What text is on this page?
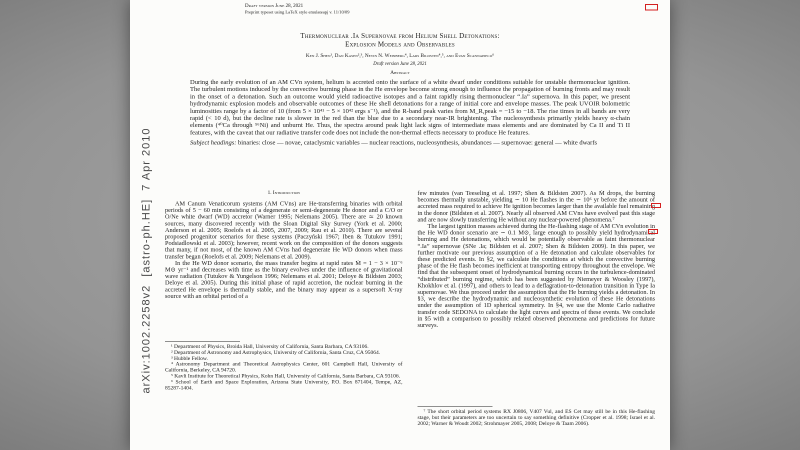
arXiv:1002.2258v2  [astro-ph.HE]  7 Apr 2010
Draft version June 28, 2021
Preprint typeset using LaTeX style emulateapj v. 11/10/09
Thermonuclear .Ia Supernovae from Helium Shell Detonations:
Explosion Models and Observables
Ken J. Shen¹, Dan Kasen²,³, Nevin N. Weinberg⁴, Lars Bildsten⁴,⁵, and Evan Scannapieco⁶
Draft version June 28, 2021
Abstract
During the early evolution of an AM CVn system, helium is accreted onto the surface of a white dwarf under conditions suitable for unstable thermonuclear ignition. The turbulent motions induced by the convective burning phase in the He envelope become strong enough to influence the propagation of burning fronts and may result in the onset of a detonation. Such an outcome would yield radioactive isotopes and a faint rapidly rising thermonuclear “.Ia” supernova. In this paper, we present hydrodynamic explosion models and observable outcomes of these He shell detonations for a range of initial core and envelope masses. The peak UVOIR bolometric luminosities range by a factor of 10 (from 5 × 10⁴¹ − 5 × 10⁴² ergs s⁻¹), and the R-band peak varies from M_R,peak = −15 to −18. The rise times in all bands are very rapid (< 10 d), but the decline rate is slower in the red than the blue due to a secondary near-IR brightening. The nucleosynthesis primarily yields heavy α-chain elements (⁴⁰Ca through ⁵⁶Ni) and unburnt He. Thus, the spectra around peak light lack signs of intermediate mass elements and are dominated by Ca II and Ti II features, with the caveat that our radiative transfer code does not include the non-thermal effects necessary to produce He features.
Subject headings: binaries: close — novae, cataclysmic variables — nuclear reactions, nucleosynthesis, abundances — supernovae: general — white dwarfs
1. Introduction

AM Canum Venaticorum systems (AM CVns) are He-transferring binaries with orbital periods of 5 − 60 min consisting of a degenerate or semi-degenerate He donor and a C/O or O/Ne white dwarf (WD) accretor (Warner 1995; Nelemans 2005). There are ≃ 20 known sources, many discovered recently with the Sloan Digital Sky Survey (York et al. 2000; Anderson et al. 2005; Roelofs et al. 2005, 2007, 2009; Rau et al. 2010). There are several proposed progenitor scenarios for these systems (Paczyński 1967; Iben & Tutukov 1991; Podsiadlowski et al. 2003); however, recent work on the composition of the donors suggests that many, if not most, of the known AM CVns had degenerate He WD donors when mass transfer began (Roelofs et al. 2009; Nelemans et al. 2009).

In the He WD donor scenario, the mass transfer begins at rapid rates Ṁ = 1 − 3 × 10⁻⁶ M⊙ yr⁻¹ and decreases with time as the binary evolves under the influence of gravitational wave radiation (Tutukov & Yungelson 1996; Nelemans et al. 2001; Deloye & Bildsten 2003; Deloye et al. 2005). During this initial phase of rapid accretion, the nuclear burning in the accreted He envelope is thermally stable, and the binary may appear as a supersoft X-ray source with an orbital period of a

¹ Department of Physics, Broida Hall, University of California, Santa Barbara, CA 93106.

² Department of Astronomy and Astrophysics, University of California, Santa Cruz, CA 95064.

³ Hubble Fellow.

⁴ Astronomy Department and Theoretical Astrophysics Center, 601 Campbell Hall, University of California, Berkeley, CA 94720.

⁵ Kavli Institute for Theoretical Physics, Kohn Hall, University of California, Santa Barbara, CA 93106.

⁶ School of Earth and Space Exploration, Arizona State University, P.O. Box 871404, Tempe, AZ, 85287-1404.

few minutes (van Teeseling et al. 1997; Shen & Bildsten 2007). As Ṁ drops, the burning becomes thermally unstable, yielding ∼ 10 He flashes in the ∼ 10⁶ yr before the amount of accreted mass required to achieve He ignition becomes larger than the available fuel remaining in the donor (Bildsten et al. 2007). Nearly all observed AM CVns have evolved past this stage and are now slowly transferring He without any nuclear-powered phenomena.⁷

The largest ignition masses achieved during the He-flashing stage of AM CVn evolution in the He WD donor scenario are ∼ 0.1 M⊙, large enough to possibly yield hydrodynamical burning and He detonations, which would be potentially observable as faint thermonuclear “.Ia” supernovae (SNe .Ia; Bildsten et al. 2007; Shen & Bildsten 2009). In this paper, we further motivate our previous assumption of a He detonation and calculate observables for these predicted events. In §2, we calculate the conditions at which the convective burning phase of the He flash becomes inefficient at transporting entropy throughout the envelope. We find that the subsequent onset of hydrodynamical burning occurs in the turbulence-dominated “distributed” burning regime, which has been suggested by Niemeyer & Woosley (1997), Khokhlov et al. (1997), and others to lead to a deflagration-to-detonation transition in Type Ia supernovae. We thus proceed under the assumption that the He burning yields a detonation. In §3, we describe the hydrodynamic and nucleosynthetic evolution of these He detonations under the assumption of 1D spherical symmetry. In §4, we use the Monte Carlo radiative transfer code SEDONA to calculate the light curves and spectra of these events. We conclude in §5 with a comparison to possibly related observed phenomena and predictions for future surveys.

⁷ The short orbital period systems RX J0806, V407 Vul, and ES Cet may still be in this He-flashing stage, but their parameters are too uncertain to say something definitive (Cropper et al. 1998; Israel et al. 2002; Warner & Woudt 2002; Strohmayer 2005, 2008; Deloye & Taam 2006).
